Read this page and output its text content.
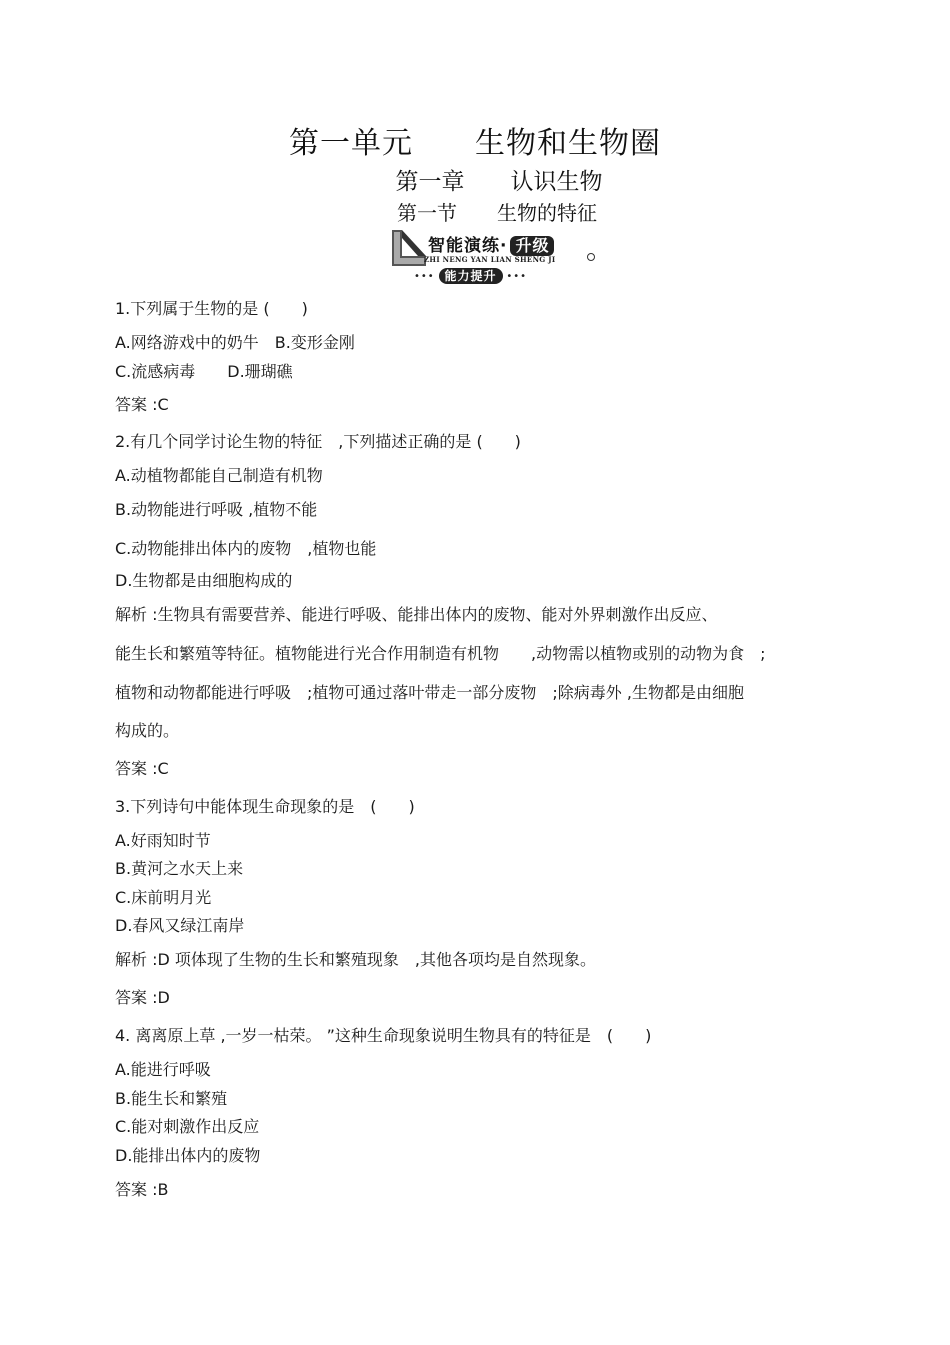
第一单元　　生物和生物圈
第一章　　认识生物
第一节　　生物的特征
智能演练· 升级
ZHI NENG YAN LIAN SHENG JI
••• 能力提升 •••
1.下列属于生物的是 (　　)
A.网络游戏中的奶牛　B.变形金刚
C.流感病毒　　D.珊瑚礁
答案 :C
2.有几个同学讨论生物的特征　,下列描述正确的是 (　　)
A.动植物都能自己制造有机物
B.动物能进行呼吸 ,植物不能
C.动物能排出体内的废物　,植物也能
D.生物都是由细胞构成的
解析 :生物具有需要营养、能进行呼吸、能排出体内的废物、能对外界刺激作出反应、
能生长和繁殖等特征。植物能进行光合作用制造有机物　　,动物需以植物或别的动物为食　;
植物和动物都能进行呼吸　;植物可通过落叶带走一部分废物　;除病毒外 ,生物都是由细胞
构成的。
答案 :C
3.下列诗句中能体现生命现象的是　(　　)
A.好雨知时节
B.黄河之水天上来
C.床前明月光
D.春风又绿江南岸
解析 :D 项体现了生物的生长和繁殖现象　,其他各项均是自然现象。
答案 :D
4. 离离原上草 ,一岁一枯荣。 ”这种生命现象说明生物具有的特征是　(　　)
A.能进行呼吸
B.能生长和繁殖
C.能对刺激作出反应
D.能排出体内的废物
答案 :B
